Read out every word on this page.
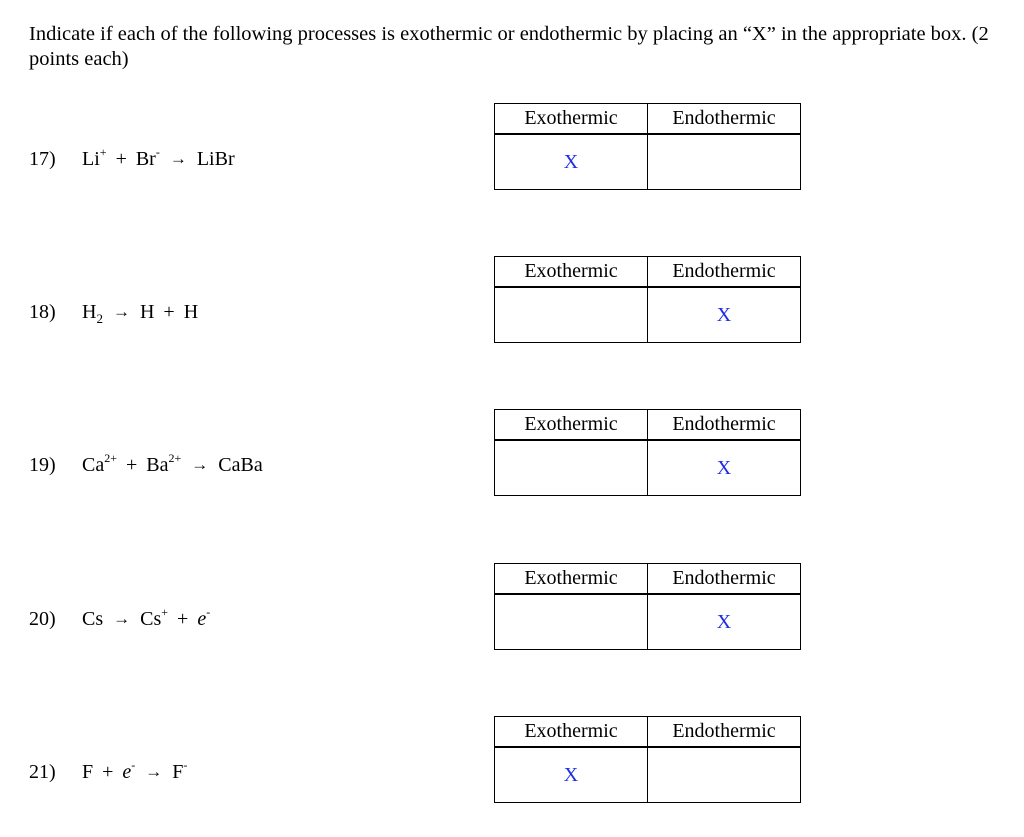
Indicate if each of the following processes is exothermic or endothermic by placing an “X” in the appropriate box. (2 points each)
17) Li+ + Br- → LiBr
Exothermic	Endothermic
X	
18) $H_2 \to H + H$
Exothermic	Endothermic
	X
19) $Ca^{2+} + Ba^{2+}$ → CaBa
Exothermic	Endothermic
	X
20) Cs → Cs+ + e-
Exothermic	Endothermic
	X
21) F + e- → F-
Exothermic	Endothermic
X	
